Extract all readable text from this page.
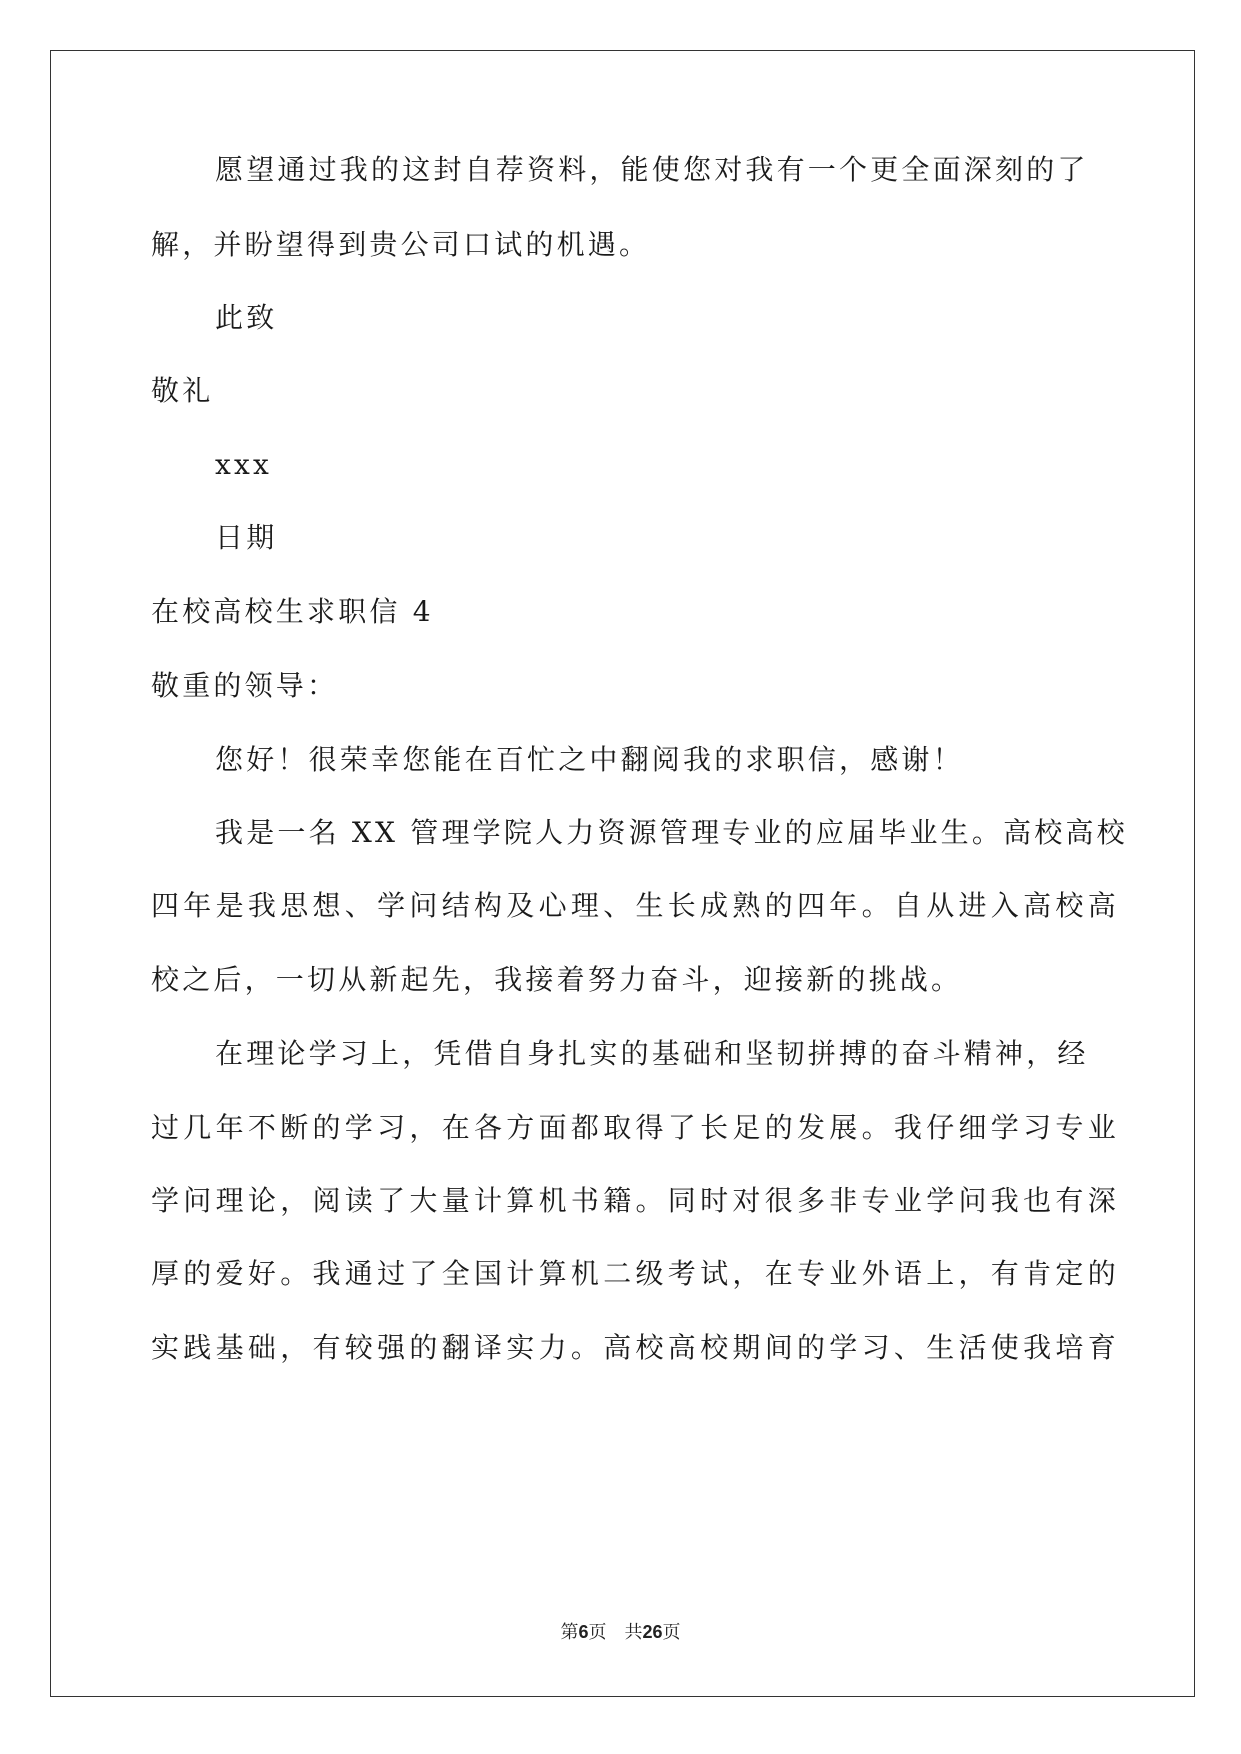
愿望通过我的这封自荐资料，能使您对我有一个更全面深刻的了
解，并盼望得到贵公司口试的机遇。
此致
敬礼
xxx
日期
在校高校生求职信 4
敬重的领导：
您好！很荣幸您能在百忙之中翻阅我的求职信，感谢！
我是一名 XX 管理学院人力资源管理专业的应届毕业生。高校高校
四年是我思想、学问结构及心理、生长成熟的四年。自从进入高校高
校之后，一切从新起先，我接着努力奋斗，迎接新的挑战。
在理论学习上，凭借自身扎实的基础和坚韧拼搏的奋斗精神，经
过几年不断的学习，在各方面都取得了长足的发展。我仔细学习专业
学问理论，阅读了大量计算机书籍。同时对很多非专业学问我也有深
厚的爱好。我通过了全国计算机二级考试，在专业外语上，有肯定的
实践基础，有较强的翻译实力。高校高校期间的学习、生活使我培育
第6页　共26页
